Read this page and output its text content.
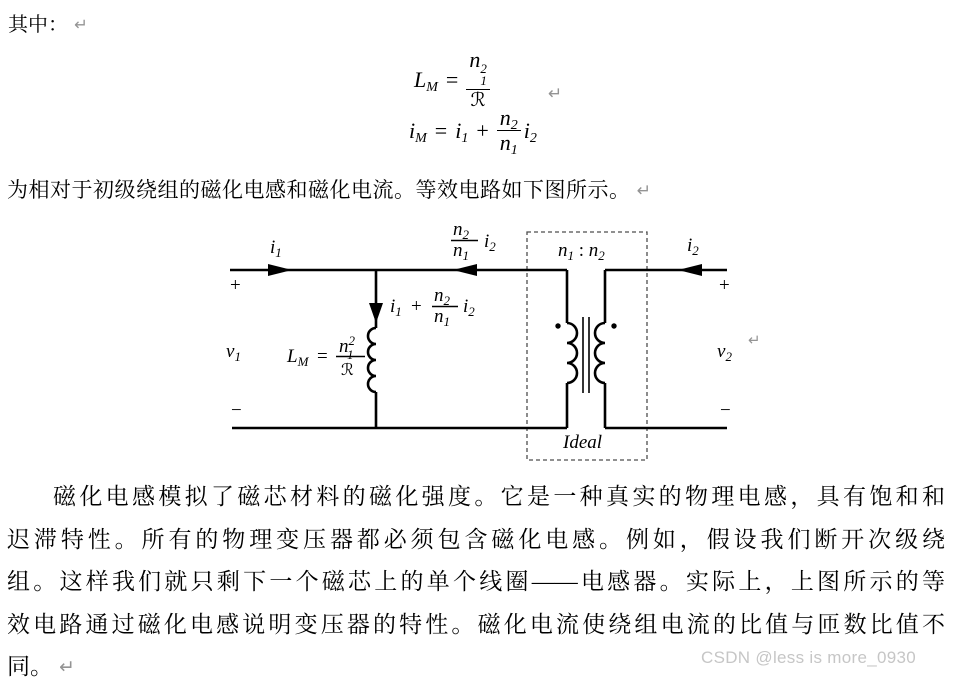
其中： ↵
$L_M = n$ 2
1
ℛ	↵
$i_M = i_1 + \frac{n_2}{n_1} i_2$
为相对于初级绕组的磁化电感和磁化电流。等效电路如下图所示。 ↵
$i_1$
$n_2$
$n_1$
$i_2$	$n_1$ : $n_2$	$i_2$
+
$v_1$
−
+
$v_2$
−
↵
$L_M = n^2$ 1
ℛ
$i_1$ +
$n_2$
$n_1$
$i_2$
Ideal
磁化电感模拟了磁芯材料的磁化强度。它是一种真实的物理电感，具有饱和和
迟滞特性。所有的物理变压器都必须包含磁化电感。例如，假设我们断开次级绕
组。这样我们就只剩下一个磁芯上的单个线圈——电感器。实际上，上图所示的等
效电路通过磁化电感说明变压器的特性。磁化电流使绕组电流的比值与匝数比值不
同。 ↵	CSDN @less is more_0930
